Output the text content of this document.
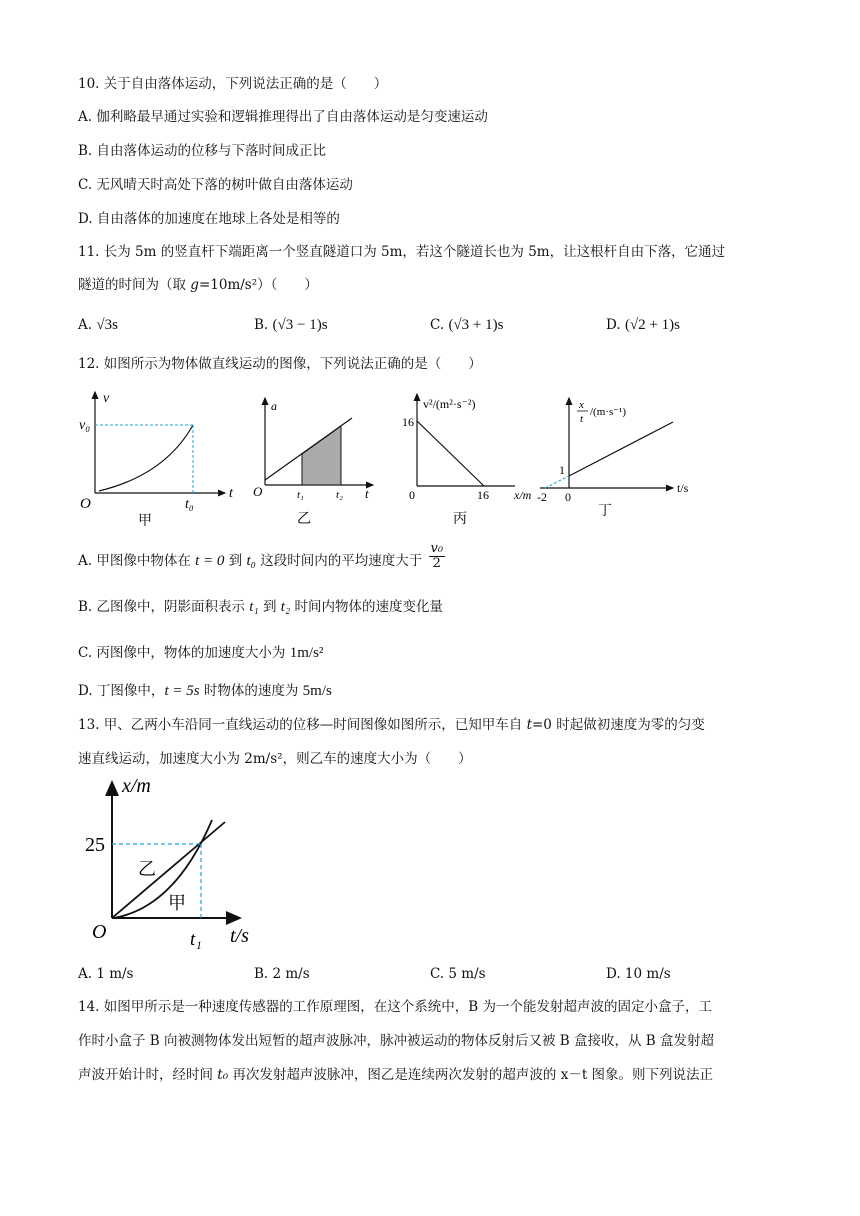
10. 关于自由落体运动，下列说法正确的是（　　）
A. 伽利略最早通过实验和逻辑推理得出了自由落体运动是匀变速运动
B. 自由落体运动的位移与下落时间成正比
C. 无风晴天时高处下落的树叶做自由落体运动
D. 自由落体的加速度在地球上各处是相等的
11. 长为 5m 的竖直杆下端距离一个竖直隧道口为 5m，若这个隧道长也为 5m，让这根杆自由下落，它通过
隧道的时间为（取 g=10m/s²）（　　）
A. √3s	B. (√3 − 1)s	C. (√3 + 1)s	D. (√2 + 1)s
12. 如图所示为物体做直线运动的图像，下列说法正确的是（　　）
v
v₀
O	t₀
t
甲
a
O	t₁	t₂ t
乙
v²/(m²·s⁻²)
16
0	16 x/m
丙
x
t
/(m·s⁻¹)
1
-2 0
t/s
丁
A. 甲图像中物体在 t = 0 到 t₀ 这段时间内的平均速度大于 $\frac{\text{v₀}}{2}$
B. 乙图像中，阴影面积表示 t₁ 到 t₂ 时间内物体的速度变化量
C. 丙图像中，物体的加速度大小为 1m/s²
D. 丁图像中，t = 5s 时物体的速度为 5m/s
13. 甲、乙两小车沿同一直线运动的位移—时间图像如图所示，已知甲车自 t=0 时起做初速度为零的匀变
速直线运动，加速度大小为 2m/s²，则乙车的速度大小为（　　）
x/m
25
O	t₁ t/s
乙
甲
A. 1 m/s	B. 2 m/s	C. 5 m/s	D. 10 m/s
14. 如图甲所示是一种速度传感器的工作原理图，在这个系统中，B 为一个能发射超声波的固定小盒子，工
作时小盒子 B 向被测物体发出短暂的超声波脉冲，脉冲被运动的物体反射后又被 B 盒接收，从 B 盒发射超
声波开始计时，经时间 t₀ 再次发射超声波脉冲，图乙是连续两次发射的超声波的 x－t 图象。则下列说法正
